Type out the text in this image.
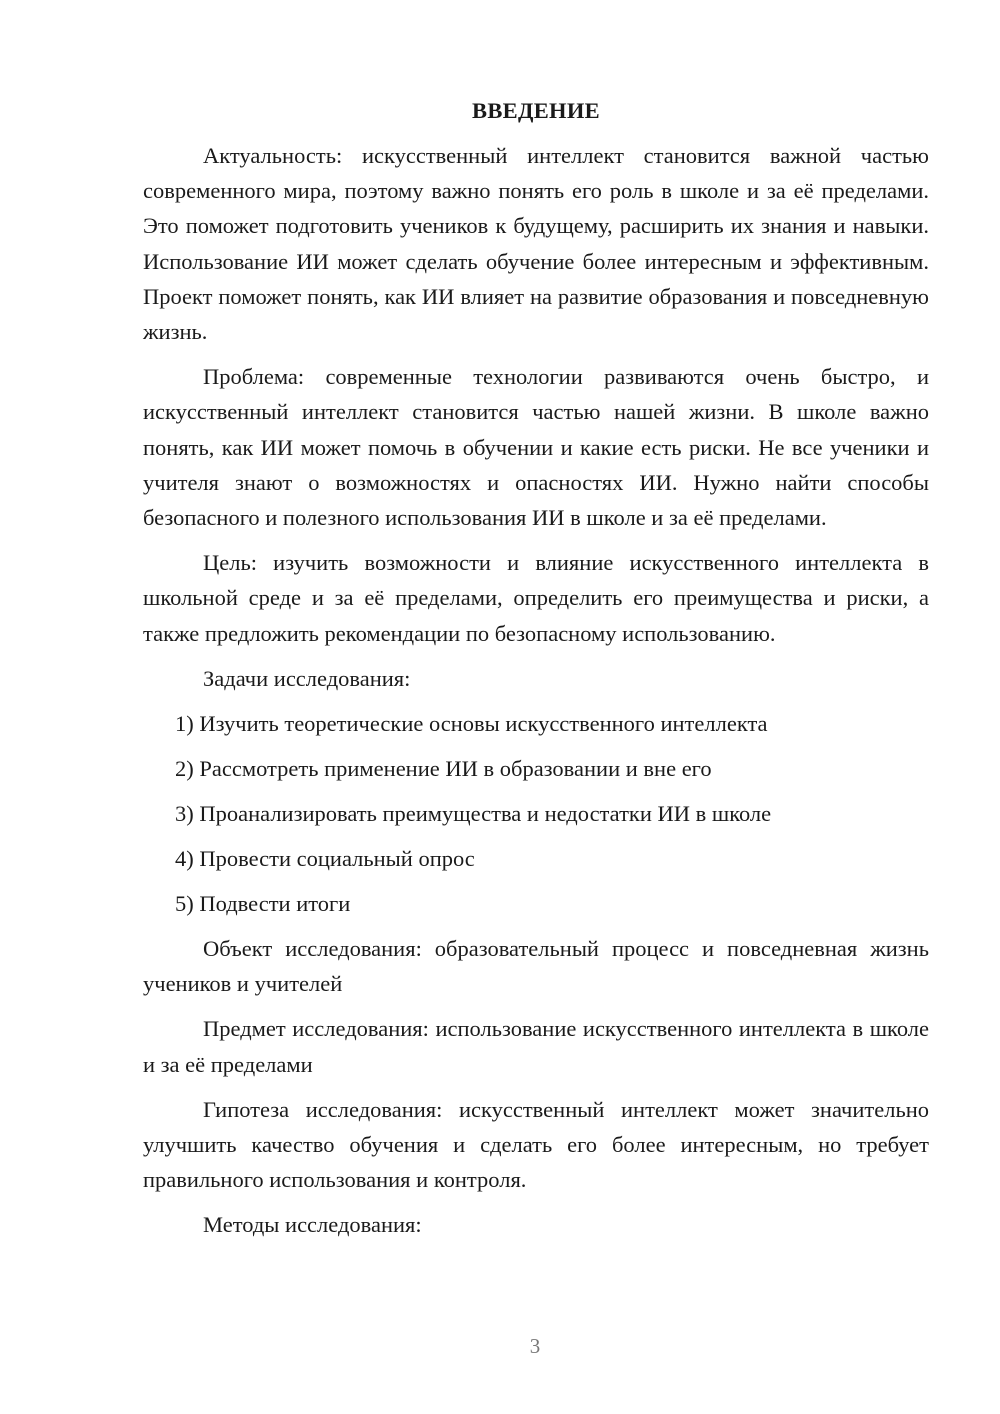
ВВЕДЕНИЕ

Актуальность: искусственный интеллект становится важной частью современного мира, поэтому важно понять его роль в школе и за её пределами. Это поможет подготовить учеников к будущему, расширить их знания и навыки. Использование ИИ может сделать обучение более интересным и эффективным. Проект поможет понять, как ИИ влияет на развитие образования и повседневную жизнь.

Проблема: современные технологии развиваются очень быстро, и искусственный интеллект становится частью нашей жизни. В школе важно понять, как ИИ может помочь в обучении и какие есть риски. Не все ученики и учителя знают о возможностях и опасностях ИИ. Нужно найти способы безопасного и полезного использования ИИ в школе и за её пределами.

Цель: изучить возможности и влияние искусственного интеллекта в школьной среде и за её пределами, определить его преимущества и риски, а также предложить рекомендации по безопасному использованию.

Задачи исследования:

1) Изучить теоретические основы искусственного интеллекта
2) Рассмотреть применение ИИ в образовании и вне его
3) Проанализировать преимущества и недостатки ИИ в школе
4) Провести социальный опрос
5) Подвести итоги

Объект исследования: образовательный процесс и повседневная жизнь учеников и учителей

Предмет исследования: использование искусственного интеллекта в школе и за её пределами

Гипотеза исследования: искусственный интеллект может значительно улучшить качество обучения и сделать его более интересным, но требует правильного использования и контроля.

Методы исследования:

3
